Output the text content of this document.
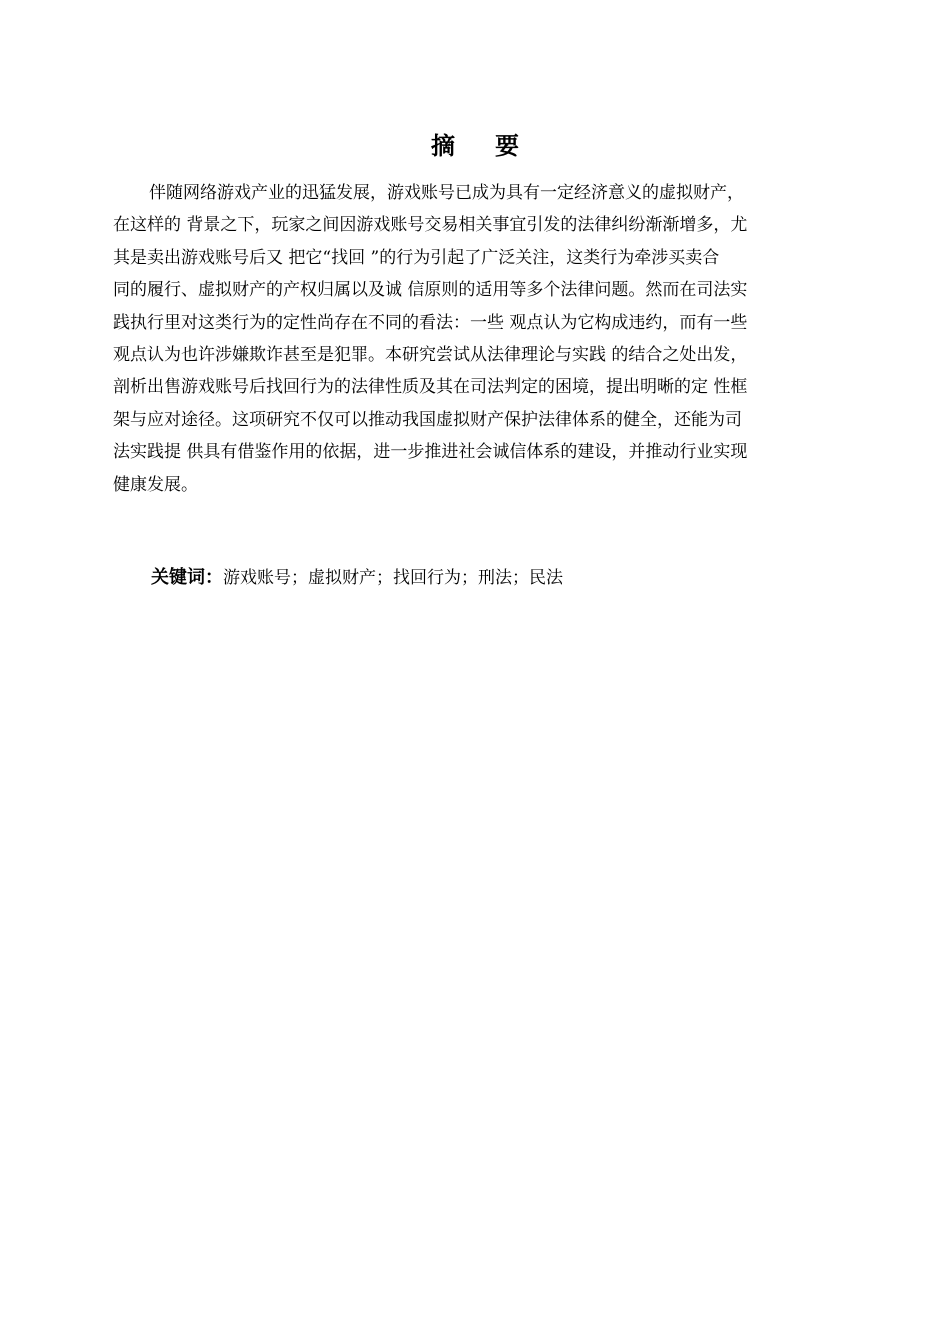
摘 要
伴随网络游戏产业的迅猛发展，游戏账号已成为具有一定经济意义的虚拟财产，
在这样的 背景之下，玩家之间因游戏账号交易相关事宜引发的法律纠纷渐渐增多，尤
其是卖出游戏账号后又 把它“找回 ”的行为引起了广泛关注，这类行为牵涉买卖合
同的履行、虚拟财产的产权归属以及诚 信原则的适用等多个法律问题。然而在司法实
践执行里对这类行为的定性尚存在不同的看法：一些 观点认为它构成违约，而有一些
观点认为也许涉嫌欺诈甚至是犯罪。本研究尝试从法律理论与实践 的结合之处出发，
剖析出售游戏账号后找回行为的法律性质及其在司法判定的困境，提出明晰的定 性框
架与应对途径。这项研究不仅可以推动我国虚拟财产保护法律体系的健全，还能为司
法实践提 供具有借鉴作用的依据，进一步推进社会诚信体系的建设，并推动行业实现
健康发展。
关键词：游戏账号；虚拟财产；找回行为；刑法；民法
